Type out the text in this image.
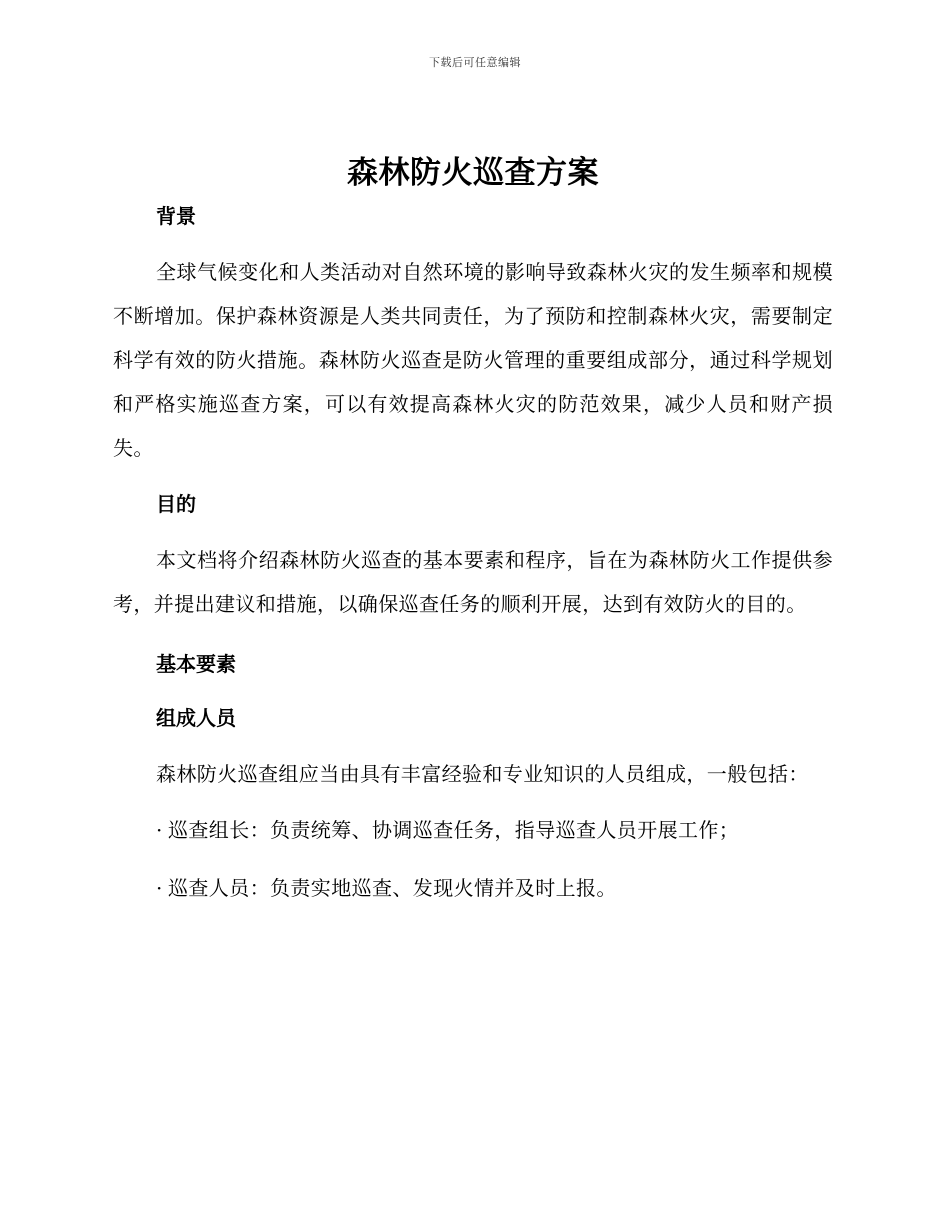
下载后可任意编辑
森林防火巡查方案
背景

全球气候变化和人类活动对自然环境的影响导致森林火灾的发生频率和规模不断增加。保护森林资源是人类共同责任，为了预防和控制森林火灾，需要制定科学有效的防火措施。森林防火巡查是防火管理的重要组成部分，通过科学规划和严格实施巡查方案，可以有效提高森林火灾的防范效果，减少人员和财产损失。

目的

本文档将介绍森林防火巡查的基本要素和程序，旨在为森林防火工作提供参考，并提出建议和措施，以确保巡查任务的顺利开展，达到有效防火的目的。

基本要素
组成人员

森林防火巡查组应当由具有丰富经验和专业知识的人员组成，一般包括：

· 巡查组长：负责统筹、协调巡查任务，指导巡查人员开展工作；

· 巡查人员：负责实地巡查、发现火情并及时上报。
